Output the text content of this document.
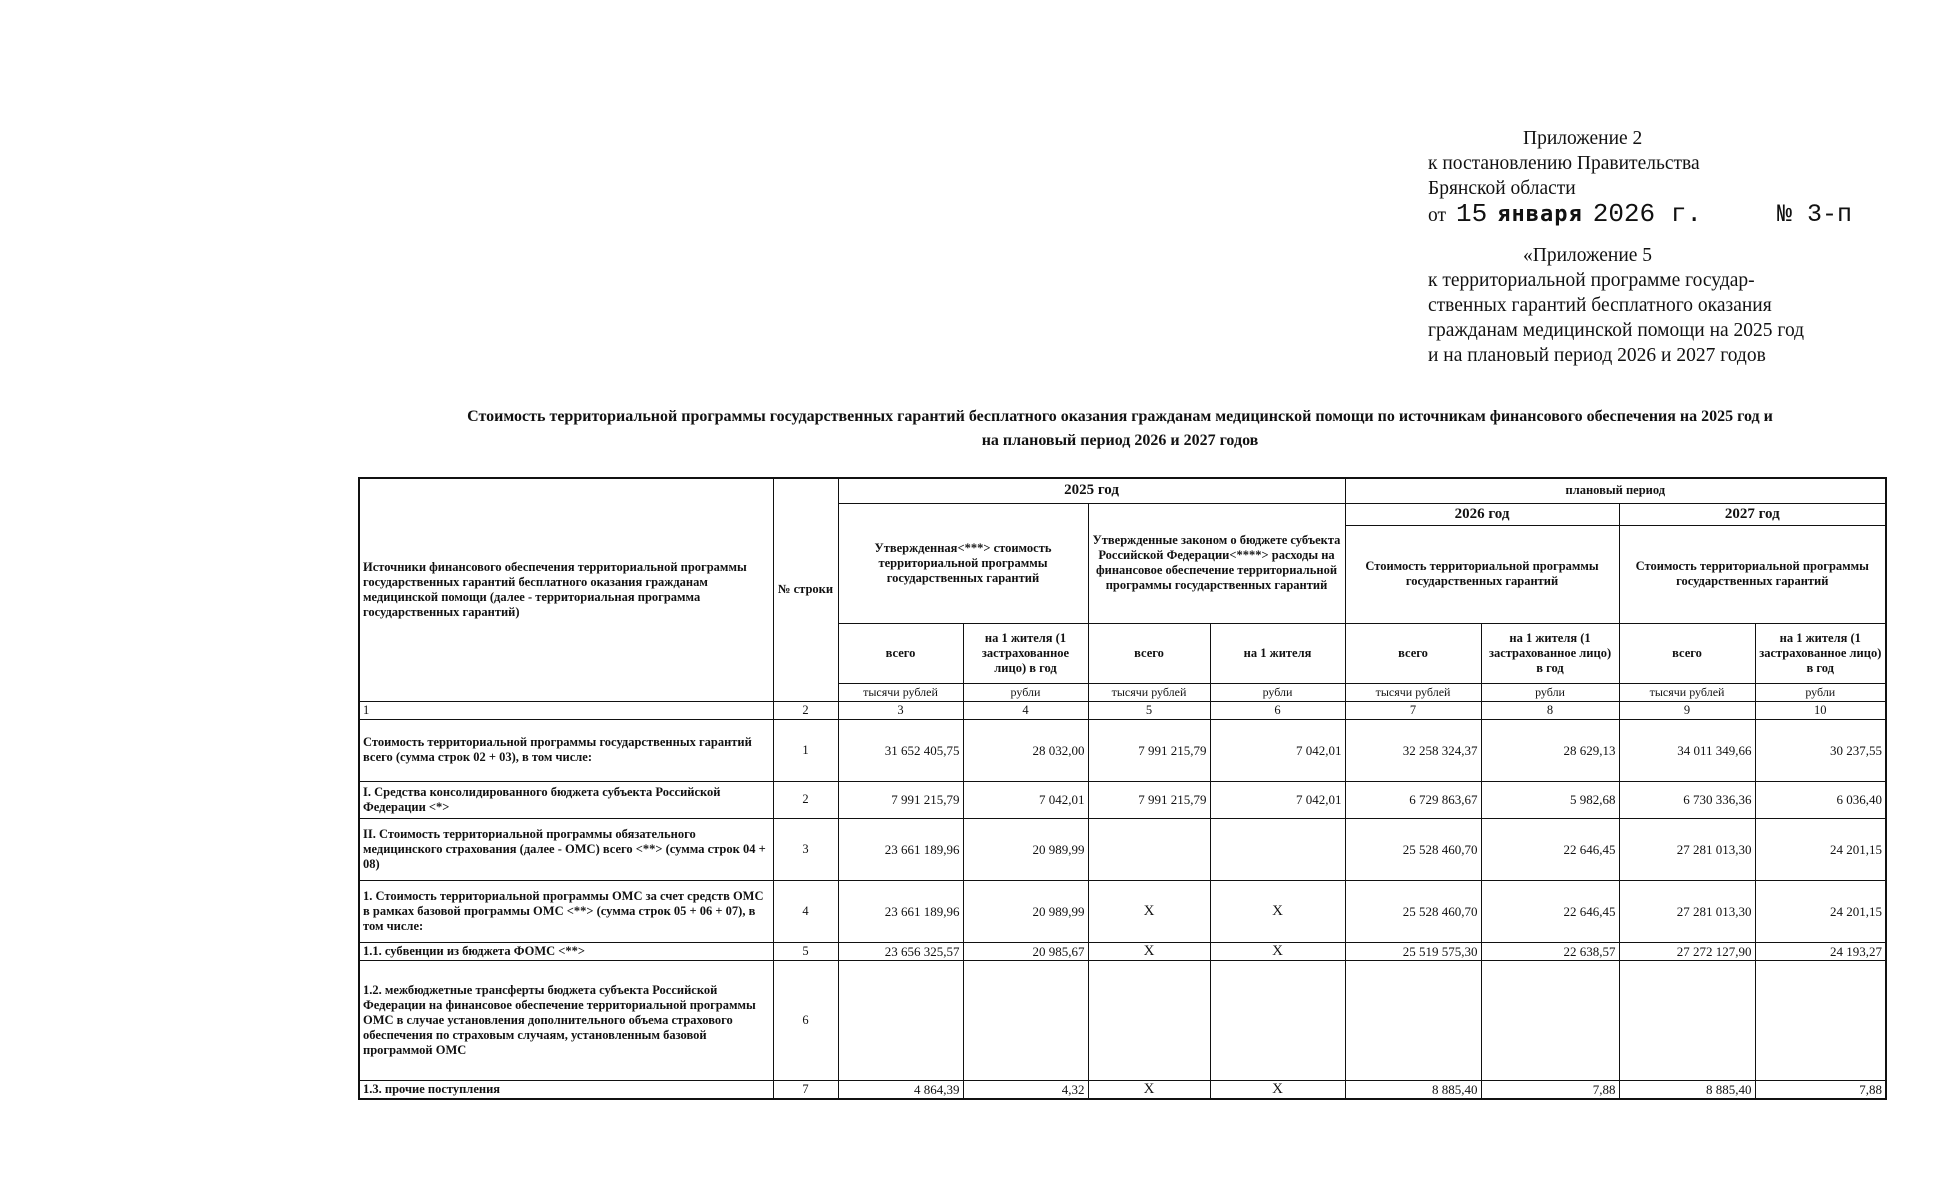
Приложение 2
к постановлению Правительства
Брянской области
от 15 января 2026 г.	№ 3-п
«Приложение 5
к территориальной программе государ-
ственных гарантий бесплатного оказания
гражданам медицинской помощи на 2025 год
и на плановый период 2026 и 2027 годов
Стоимость территориальной программы государственных гарантий бесплатного оказания гражданам медицинской помощи по источникам финансового обеспечения на 2025 год и
на плановый период 2026 и 2027 годов
Источники финансового обеспечения территориальной программы государственных гарантий бесплатного оказания гражданам медицинской помощи (далее - территориальная программа государственных гарантий)	№ строки	2025 год				плановый период			
		Утвержденная<***> стоимость территориальной программы государственных гарантий		Утвержденные законом о бюджете субъекта Российской Федерации<****> расходы на финансовое обеспечение территориальной программы государственных гарантий		2026 год		2027 год	
						Стоимость территориальной программы государственных гарантий		Стоимость территориальной программы государственных гарантий	
		всего	на 1 жителя (1 застрахованное лицо) в год	всего	на 1 жителя	всего	на 1 жителя (1 застрахованное лицо) в год	всего	на 1 жителя (1 застрахованное лицо) в год
		тысячи рублей	рубли	тысячи рублей	рубли	тысячи рублей	рубли	тысячи рублей	рубли
1	2	3	4	5	6	7	8	9	10
Стоимость территориальной программы государственных гарантий всего (сумма строк 02 + 03), в том числе:	1	31 652 405,75	28 032,00	7 991 215,79	7 042,01	32 258 324,37	28 629,13	34 011 349,66	30 237,55
I. Средства консолидированного бюджета субъекта Российской Федерации <*>	2	7 991 215,79	7 042,01	7 991 215,79	7 042,01	6 729 863,67	5 982,68	6 730 336,36	6 036,40
II. Стоимость территориальной программы обязательного медицинского страхования (далее - ОМС) всего <**> (сумма строк 04 + 08)	3	23 661 189,96	20 989,99			25 528 460,70	22 646,45	27 281 013,30	24 201,15
1. Стоимость территориальной программы ОМС за счет средств ОМС в рамках базовой программы ОМС <**> (сумма строк 05 + 06 + 07), в том числе:	4	23 661 189,96	20 989,99	X	X	25 528 460,70	22 646,45	27 281 013,30	24 201,15
1.1. субвенции из бюджета ФОМС <**>	5	23 656 325,57	20 985,67	X	X	25 519 575,30	22 638,57	27 272 127,90	24 193,27
1.2. межбюджетные трансферты бюджета субъекта Российской Федерации на финансовое обеспечение территориальной программы ОМС в случае установления дополнительного объема страхового обеспечения по страховым случаям, установленным базовой программой ОМС	6								
1.3. прочие поступления	7	4 864,39	4,32	X	X	8 885,40	7,88	8 885,40	7,88
